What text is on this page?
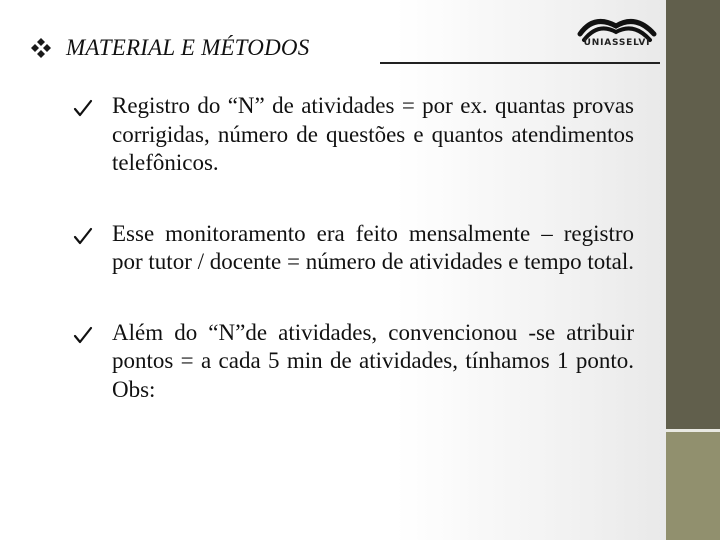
MATERIAL E MÉTODOS	UNIASSELVI
Registro do “N” de atividades = por ex. quantas provas corrigidas, número de questões e quantos atendimentos telefônicos.
Esse monitoramento era feito mensalmente – registro por tutor / docente = número de atividades e tempo total.
Além do “N”de atividades, convencionou -se atribuir pontos = a cada 5 min de atividades, tínhamos 1 ponto. Obs:
